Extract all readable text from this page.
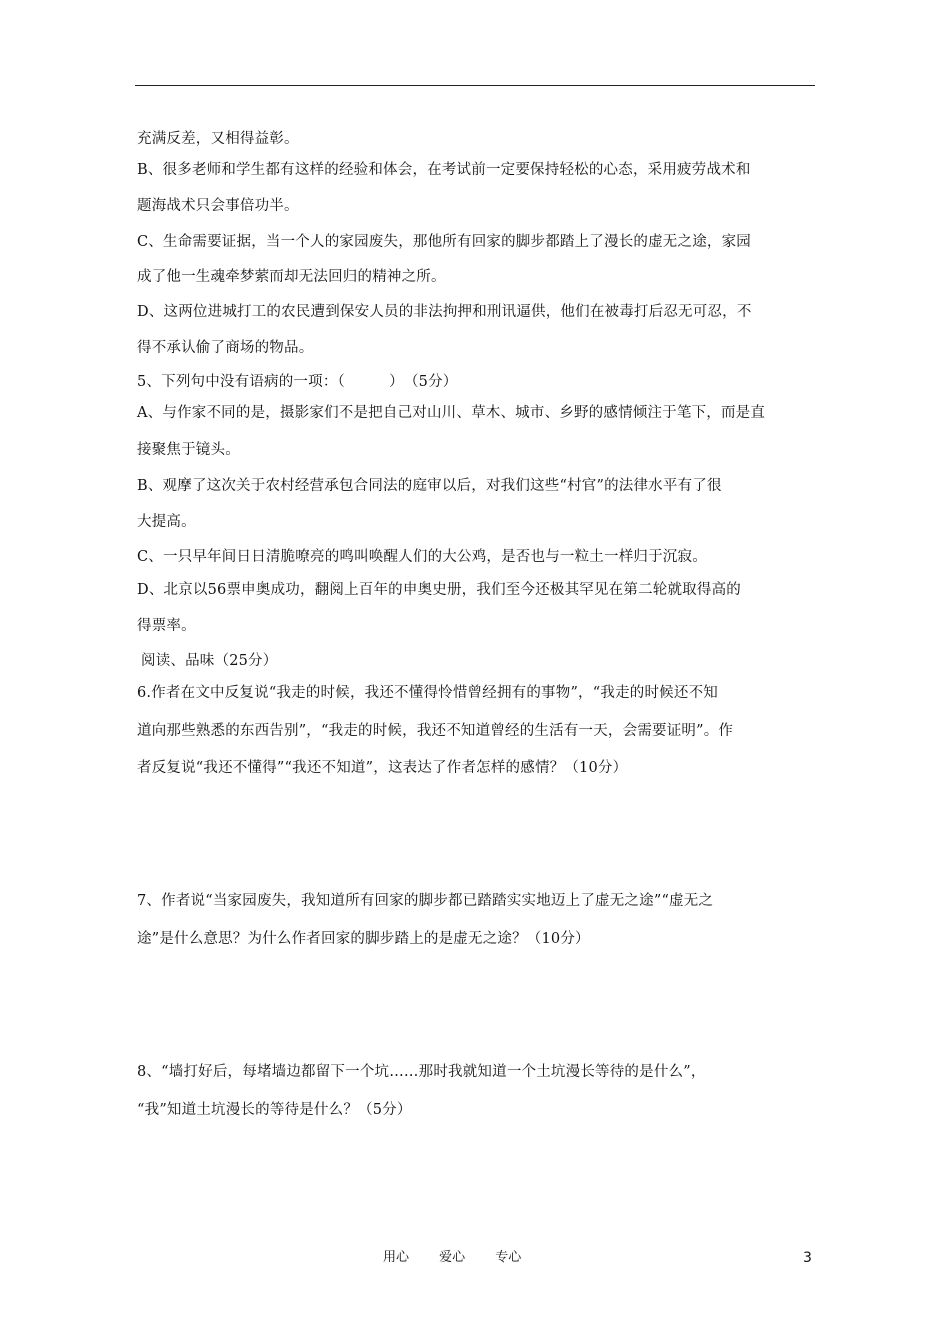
充满反差，又相得益彰。
B、很多老师和学生都有这样的经验和体会，在考试前一定要保持轻松的心态，采用疲劳战术和
题海战术只会事倍功半。
C、生命需要证据，当一个人的家园废失，那他所有回家的脚步都踏上了漫长的虚无之途，家园
成了他一生魂牵梦萦而却无法回归的精神之所。
D、这两位进城打工的农民遭到保安人员的非法拘押和刑讯逼供，他们在被毒打后忍无可忍，不
得不承认偷了商场的物品。
5、下列句中没有语病的一项：（　　　）　（5分）
A、与作家不同的是，摄影家们不是把自己对山川、草木、城市、乡野的感情倾注于笔下，而是直
接聚焦于镜头。
B、观摩了这次关于农村经营承包合同法的庭审以后，对我们这些“村官”的法律水平有了很
大提高。
C、一只早年间日日清脆嘹亮的鸣叫唤醒人们的大公鸡，是否也与一粒土一样归于沉寂。
D、北京以56票申奥成功，翻阅上百年的申奥史册，我们至今还极其罕见在第二轮就取得高的
得票率。
阅读、品味（25分）
6.作者在文中反复说“我走的时候，我还不懂得怜惜曾经拥有的事物”，“我走的时候还不知
道向那些熟悉的东西告别”，“我走的时候，我还不知道曾经的生活有一天，会需要证明”。作
者反复说“我还不懂得”“我还不知道”，这表达了作者怎样的感情？（10分）
7、作者说“当家园废失，我知道所有回家的脚步都已踏踏实实地迈上了虚无之途”“虚无之
途”是什么意思？为什么作者回家的脚步踏上的是虚无之途？（10分）
8、“墙打好后，每堵墙边都留下一个坑……那时我就知道一个土坑漫长等待的是什么”，
“我”知道土坑漫长的等待是什么？（5分）
用心 爱心 专心	3
